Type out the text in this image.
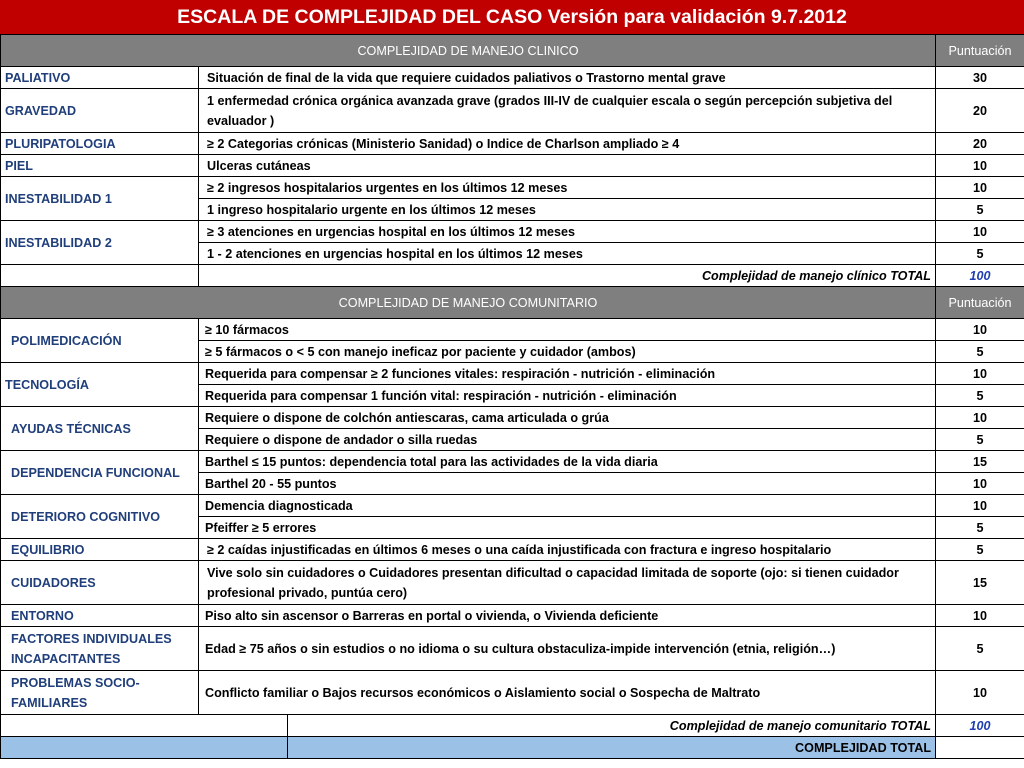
ESCALA DE COMPLEJIDAD DEL CASO Versión para validación 9.7.2012
COMPLEJIDAD DE MANEJO CLINICO			Puntuación
PALIATIVO	Situación de final de la vida que requiere cuidados paliativos o Trastorno mental grave		30
GRAVEDAD	1 enfermedad crónica orgánica avanzada grave (grados III-IV de cualquier escala o según percepción subjetiva del evaluador )		20
PLURIPATOLOGIA	≥ 2 Categorias crónicas (Ministerio Sanidad) o Indice de Charlson ampliado ≥ 4		20
PIEL	Ulceras cutáneas		10
INESTABILIDAD 1	≥ 2 ingresos hospitalarios urgentes en los últimos 12 meses		10
	1 ingreso hospitalario urgente en los últimos 12 meses		5
INESTABILIDAD 2	≥ 3 atenciones en urgencias hospital en los últimos 12 meses		10
	1 - 2 atenciones en urgencias hospital en los últimos 12 meses		5
	Complejidad de manejo clínico TOTAL		100
COMPLEJIDAD DE MANEJO COMUNITARIO			Puntuación
POLIMEDICACIÓN	≥ 10 fármacos		10
	≥ 5 fármacos o < 5 con manejo ineficaz por paciente y cuidador (ambos)		5
TECNOLOGÍA	Requerida para compensar ≥ 2 funciones vitales: respiración - nutrición - eliminación		10
	Requerida para compensar 1 función vital: respiración - nutrición - eliminación		5
AYUDAS TÉCNICAS	Requiere o dispone de colchón antiescaras, cama articulada o grúa		10
	Requiere o dispone de andador o silla ruedas		5
DEPENDENCIA FUNCIONAL	Barthel ≤ 15 puntos: dependencia total para las actividades de la vida diaria		15
	Barthel 20 - 55 puntos		10
DETERIORO COGNITIVO	Demencia diagnosticada		10
	Pfeiffer ≥ 5 errores		5
EQUILIBRIO	≥ 2 caídas injustificadas en últimos 6 meses o una caída injustificada con fractura e ingreso hospitalario		5
CUIDADORES	Vive solo sin cuidadores o Cuidadores presentan dificultad o capacidad limitada de soporte (ojo: si tienen cuidador profesional privado, puntúa cero)		15
ENTORNO	Piso alto sin ascensor o Barreras en portal o vivienda, o Vivienda deficiente		10
FACTORES INDIVIDUALES INCAPACITANTES	Edad ≥ 75 años o sin estudios o no idioma o su cultura obstaculiza-impide intervención (etnia, religión…)		5
PROBLEMAS SOCIO-FAMILIARES	Conflicto familiar o Bajos recursos económicos o Aislamiento social o Sospecha de Maltrato		10
		Complejidad de manejo comunitario TOTAL	100
		COMPLEJIDAD TOTAL	
